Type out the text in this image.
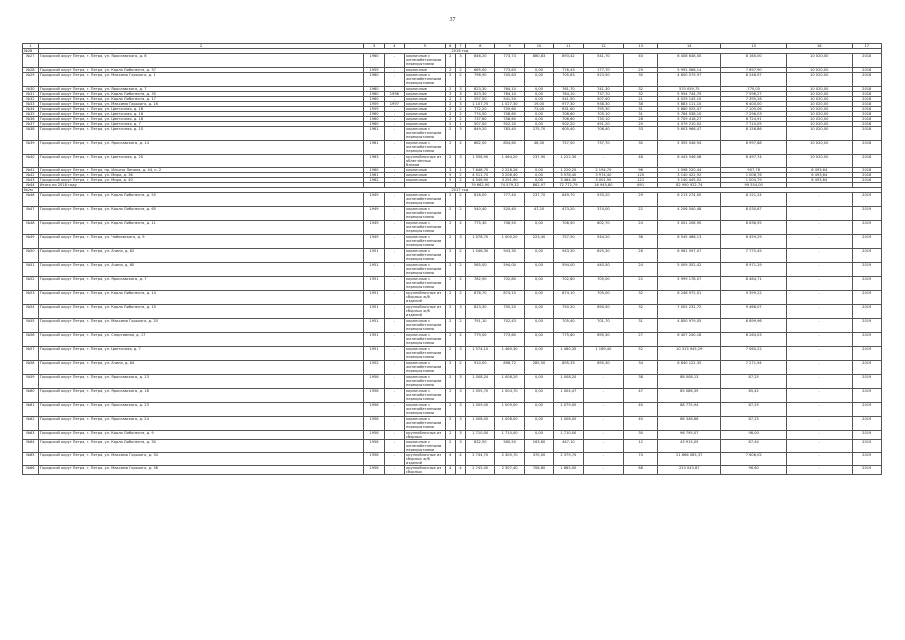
37
1	2	3	4	5	6	7	8	9	10	11	12	13	14	15	16	17
№2б	2016 год															
№27	Городской округ Петра, г. Петра, ул. Ярославского, д. 6	1960	-	кирпичные с железобетонными перекрытиями	2	3	846,20	773,73	880,83	893,42	541,70	40	6 408 648,00	8 160,00	10 020,00	2018
№28	Городской округ Петра, г. Петра, ул. Карла Либкнехта, д. 37	1959	-	кирпичные	2	2	665,00	773,63	0,00	776,43	177,70	29	5 992 086,14	7 897,90	10 020,00	2018
№29	Городской округ Петра, г. Петра, ул. Максима Горького, д. 1	1960	-	кирпичные с железобетонными перекрытиями	2	2	798,90	705,63	0,00	705,63	523,50	30	4 600 579,97	8 246,97	10 020,00	2018
№30	Городской округ Петра, г. Петра, ул. Ярославского, д. 7	1960	-	кирпичные	2	3	823,30	764,10	0,00	761,70	741,30	32	570 059,75	770,05	10 020,00	2018
№31	Городской округ Петра, г. Петра, ул. Карла Либкнехта, д. 35	1960	1996	кирпичные	2	3	823,30	764,10	0,00	764,10	737,70	32	5 954 744,79	7 596,27	10 020,00	2018
№32	Городской округ Петра, г. Петра, ул. Карла Либкнехта, д. 17	1960	-	кирпичные	2	2	597,50	541,50	0,00	541,50	507,40	21	4 029 145,10	7 395,28	10 020,00	2018
№33	Городской округ Петра, г. Петра, ул. Максима Горького, д. 16	1959	1997	кирпичные	2	3	1 107,70	1 027,30	19,00	977,30	938,30	38	5 883 111,10	6 400,00	10 020,00	2018
№34	Городской округ Петра, г. Петра, ул. Цветочная, д. 1б	1959	-	кирпичные	2	2	772,20	709,60	72,00	631,60	795,30	31	5 880 025,47	7 105,06	10 020,00	2018
№35	Городской округ Петра, г. Петра, ул. Цветочная, д. 16	1960	-	кирпичные	2	2	774,50	708,60	0,00	708,60	705,10	31	5 764 038,10	7 296,03	10 020,00	2018
№36	Городской округ Петра, г. Петра, ул. Цветочная, д. 18	1960	-	кирпичные	2	2	737,60	708,60	0,00	706,60	735,10	28	5 709 418,27	6 724,91	10 020,00	2018
№37	Городской округ Петра, г. Петра, ул. Цветочная, д. 7	1960	-	кирпичные	2	1	507,00	502,20	0,00	502,20	491,20	20	4 079 210,02	7 710,05	10 020,00	2018
№38	Городской округ Петра, г. Петра, ул. Цветочная, д. 10	1961	-	кирпичные с железобетонными перекрытиями	2	3	849,20	783,40	275,70	605,40	706,40	33	5 603 966,47	8 156,86	10 020,00	2018
№39	Городской округ Петра, г. Петра, ул. Ярославского, д. 14	1961	-	кирпичные с железобетонными перекрытиями	2	2	862,00	804,60	46,30	757,50	737,70	30	5 355 546,94	6 997,88	10 020,00	2018
№40	Городской округ Петра, г. Петра, ул. Цветочная, д. 20	1963	-	крупноблочные из облегчённых блоков	2	3	1 558,90	1 464,20	237,90	1 222,30	-	48	6 443 546,08	6 497,74	10 020,00	2018
№41	Городской округ Петра, г. Петра, пр. Ильича Ленина, д. 44, к. 2	1960	-	кирпичные	3	1	7 648,70	2 228,26	0,00	1 220,20	2 194,70	96	1 098 220,44	907,78	6 493,64	2018
№42	Городской округ Петра, г. Петра, ул. Мира, д. 36	1961	-	кирпичные	5	2	4 511,70	3 206,40	0,00	3 978,40	3 974,40	120	3 140 422,92	1 008,76	6 493,64	2018
№43	Городской округ Петра, г. Петра, ул. Мира, д. 40	1962	-	кирпичные	5	2	4 546,90	3 291,90	0,00	3 464,30	3 001,90	121	3 140 445,02	1 004,79	6 493,64	2018
№44	Итого по 2018 году						79 662,90	74 579,32	862,97	72 772,79	16 945,80	691	82 990 922,74	99 554,00		
№2м	2017 год															
№46	Городской округ Петра, г. Петра, ул. Карла Либкнехта, д. 55	1949	-	кирпичные с железобетонными перекрытиями	2	2	818,00	777,40	237,70	649,70	533,20	29	6 213 274,00	8 121,24	-	2019
№47	Городской округ Петра, г. Петра, ул. Карла Либкнехта, д. 65	1949	-	кирпичные с железобетонными перекрытиями	2	2	540,40	520,40	47,20	473,20	374,00	22	4 206 540,48	8 030,67	-	2019
№48	Городской округ Петра, г. Петра, ул. Карла Либкнехта, д. 11	1949	-	кирпичные с железобетонными перекрытиями	2	2	775,30	708,50	0,00	708,50	602,70	24	5 001 208,90	8 636,95	-	2019
№49	Городской округ Петра, г. Петра, ул. Чайковского, д. 9	1949	-	кирпичные с железобетонными перекрытиями	2	3	1 078,70	1 000,20	223,40	757,50	544,20	36	6 545 468,13	6 459,29	-	2019
№50	Городской округ Петра, г. Петра, ул. Ачина, д. 62	1951	-	кирпичные с железобетонными перекрытиями	2	2	1 046,30	943,30	0,00	943,30	625,30	26	6 961 597,07	7 775,45	-	2019
№51	Городской округ Петра, г. Петра, ул. Ачина, д. 60	1951	-	кирпичные с железобетонными перекрытиями	2	2	565,00	594,00	0,00	594,00	440,50	24	5 009 352,42	8 971,29	-	2019
№52	Городской округ Петра, г. Петра, ул. Ярославского, д. 7	1951	-	кирпичные с железобетонными перекрытиями	2	2	782,90	702,80	0,00	702,80	705,00	22	5 999 178,07	8 464,71	-	2019
№53	Городской округ Петра, г. Петра, ул. Карла Либкнехта, д. 14	1951	-	крупноблочные из сборных ж/б изделий	2	2	878,70	874,10	0,00	874,10	705,00	32	6 246 972,01	9 399,22	-	2019
№54	Городской округ Петра, г. Петра, ул. Карла Либкнехта, д. 15	1951	-	крупноблочные из сборных ж/б изделий	2	3	823,30	750,20	0,00	750,20	690,50	32	7 002 232,72	9 468,07	-	2019
№55	Городской округ Петра, г. Петра, ул. Максима Горького, д. 20	1951	-	кирпичные с железобетонными перекрытиями	2	2	791,10	702,43	0,00	705,40	701,70	31	4 850 979,05	6 899,96	-	2019
№56	Городской округ Петра, г. Петра, ул. Спортивная, д. 17	1951	-	кирпичные с железобетонными перекрытиями	2	2	779,00	773,60	0,00	775,60	695,30	27	6 407 240,18	8 264,03	-	2019
№57	Городской округ Петра, г. Петра, ул. Цветочная, д. 7	1951	-	кирпичные с железобетонными перекрытиями	2	3	1 574,10	1 460,30	0,00	1 460,30	1 189,40	52	10 313 945,29	7 060,22	-	2019
№58	Городской округ Петра, г. Петра, ул. Ачина, д. 64	1952	-	кирпичные с железобетонными перекрытиями	2	2	910,00	898,72	285,50	895,33	695,30	34	6 840 122,35	7 271,94	-	2019
№59	Городской округ Петра, г. Петра, ул. Ярославского, д. 13	1956	-	кирпичные с железобетонными перекрытиями	2	3	1 008,20	1 008,20	0,00	1 008,20	-	38	88 008,13	87,25	-	2019
№60	Городской округ Петра, г. Петра, ул. Ярославского, д. 18	1956	-	кирпичные с железобетонными перекрытиями	2	3	1 055,70	1 004,70	0,00	1 004,47	-	47	85 086,39	85,42	-	2019
№61	Городской округ Петра, г. Петра, ул. Ярославского, д. 23	1956	-	кирпичные с железобетонными перекрытиями	2	3	1 009,00	1 009,00	0,00	1 079,00	-	40	88 775,94	87,25	-	2019
№62	Городской округ Петра, г. Петра, ул. Ярославского, д. 24	1956	-	кирпичные с железобетонными перекрытиями	2	3	1 008,00	1 008,00	0,00	1 008,00	-	40	86 348,66	87,25	-	2019
№63	Городской округ Петра, г. Петра, ул. Карла Либкнехта, д. 9	1956	-	крупноблочные из сборных	2	3	1 710,00	1 710,00	0,00	1 710,00	-	30	96 795,07	98,00	-	2019
№64	Городской округ Петра, г. Петра, ул. Карла Либкнехта, д. 30	1956	-	кирпичные с железобетонными перекрытиями	2	3	832,50	560,50	163,60	447,10	-	12	43 915,05	87,44	-	2019
№65	Городской округ Петра, г. Петра, ул. Максима Горького, д. 34	1956	-	крупноблочные из сборных ж/б изделий	4	4	2 744,70	2 305,70	370,00	2 379,70	-	74	21 666 085,37	7 606,02	-	2019
№66	Городской округ Петра, г. Петра, ул. Максима Горького, д. 36	1956	-	крупноблочные из сборных	4	4	2 745,00	2 307,40	706,80	1 865,00	-	68	223 043,87	96,60	-	2019
